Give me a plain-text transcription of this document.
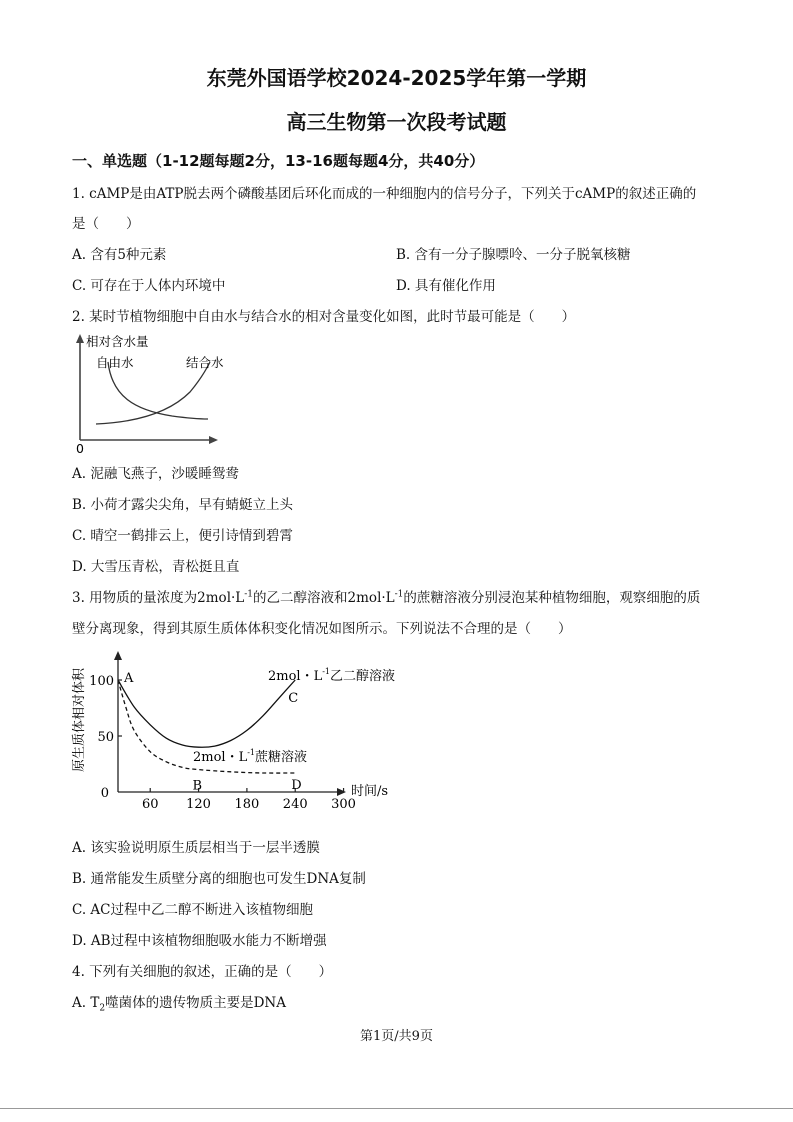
东莞外国语学校2024-2025学年第一学期
高三生物第一次段考试题
一、单选题（1-12题每题2分，13-16题每题4分，共40分）
1. cAMP是由ATP脱去两个磷酸基团后环化而成的一种细胞内的信号分子，下列关于cAMP的叙述正确的
是（　　）
A. 含有5种元素	B. 含有一分子腺嘌呤、一分子脱氧核糖
C. 可存在于人体内环境中	D. 具有催化作用
2. 某时节植物细胞中自由水与结合水的相对含量变化如图，此时节最可能是（　　）
相对含水量
自由水	结合水
0
A. 泥融飞燕子，沙暖睡鸳鸯
B. 小荷才露尖尖角，早有蜻蜓立上头
C. 晴空一鹤排云上，便引诗情到碧霄
D. 大雪压青松，青松挺且直
3. 用物质的量浓度为$2mol\cdot L^{-1}$的乙二醇溶液和$2mol\cdot L^{-1}$的蔗糖溶液分别浸泡某种植物细胞，观察细胞的质
壁分离现象，得到其原生质体体积变化情况如图所示。下列说法不合理的是（　　）
60 120 180 240 300
0
50
100 A
B
C
D
原生质体相对体积
时间/s
2mol・$L^{-1}$乙二醇溶液
2mol・$L^{-1}$蔗糖溶液
A. 该实验说明原生质层相当于一层半透膜
B. 通常能发生质壁分离的细胞也可发生DNA复制
C. AC过程中乙二醇不断进入该植物细胞
D. AB过程中该植物细胞吸水能力不断增强
4. 下列有关细胞的叙述，正确的是（　　）
A. $T_2$噬菌体的遗传物质主要是DNA
第1页/共9页
